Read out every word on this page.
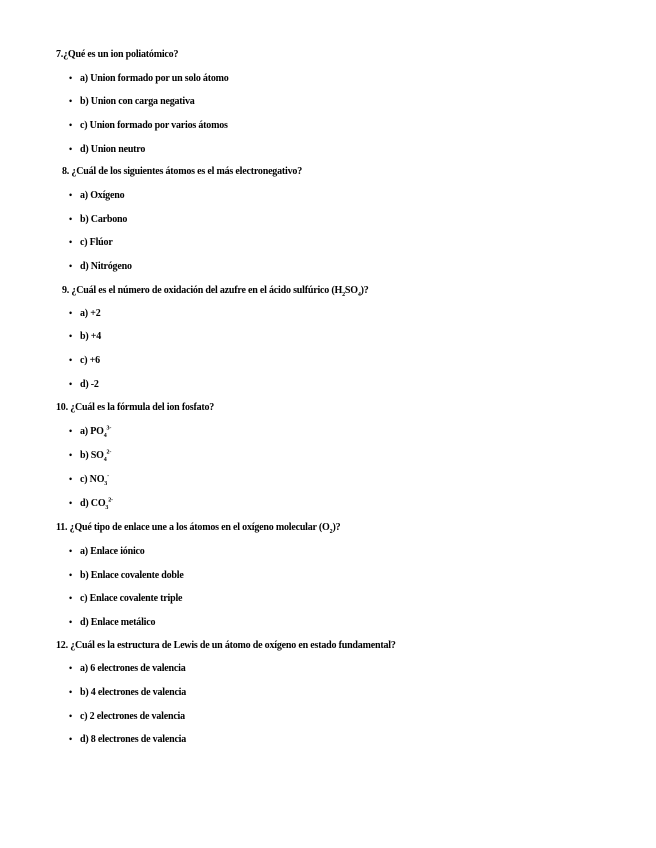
7.¿Qué es un ion poliatómico?
• a) Union formado por un solo átomo
• b) Union con carga negativa
• c) Union formado por varios átomos
• d) Union neutro
8. ¿Cuál de los siguientes átomos es el más electronegativo?
• a) Oxígeno
• b) Carbono
• c) Flúor
• d) Nitrógeno
9. ¿Cuál es el número de oxidación del azufre en el ácido sulfúrico $(H_2SO_4)$?
• a) +2
• b) +4
• c) +6
• d) -2
10. ¿Cuál es la fórmula del ion fosfato?
• a) $PO_4^{3-}$
• b) $SO_4^{2-}$
• c) $NO_3^-$
• d) $CO_3^{2-}$
11. ¿Qué tipo de enlace une a los átomos en el oxígeno molecular $(O_2)$?
• a) Enlace iónico
• b) Enlace covalente doble
• c) Enlace covalente triple
• d) Enlace metálico
12. ¿Cuál es la estructura de Lewis de un átomo de oxígeno en estado fundamental?
• a) 6 electrones de valencia
• b) 4 electrones de valencia
• c) 2 electrones de valencia
• d) 8 electrones de valencia
